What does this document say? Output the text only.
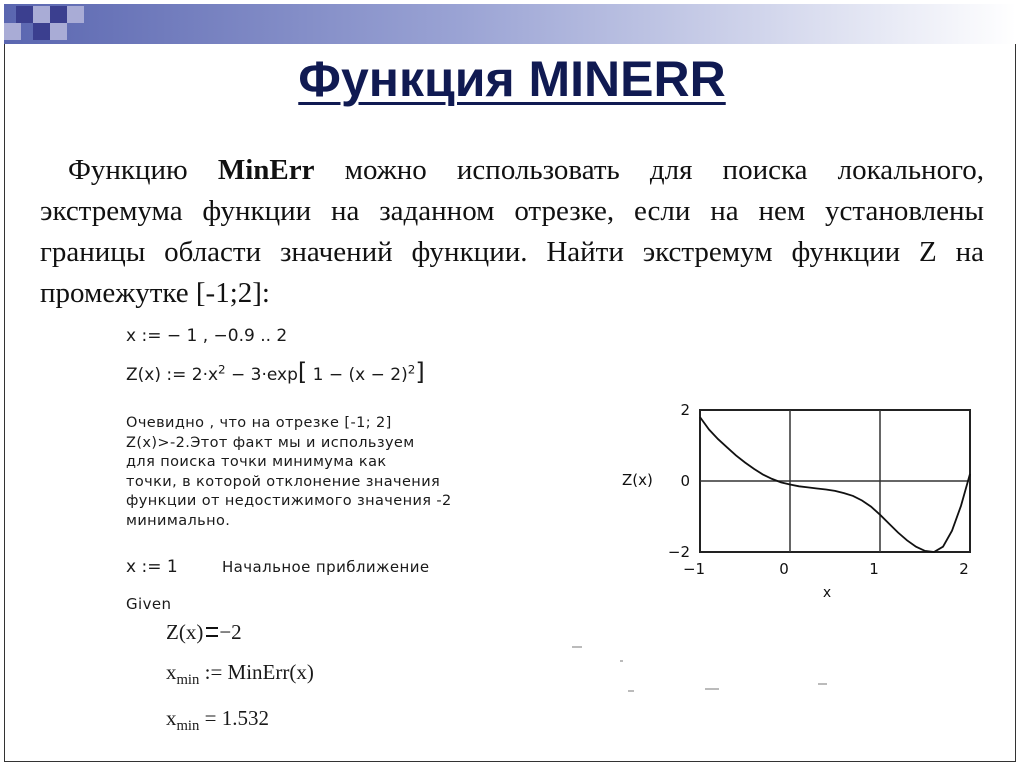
Функция MINERR
Функцию MinErr можно использовать для поиска локального, экстремума функции на заданном отрезке, если на нем установлены границы области значений функции. Найти экстремум функции Z на промежутке [-1;2]:
x := − 1 , −0.9 .. 2
Z(x) := $2\cdot x^2 - 3\cdot\exp$[ $1 - (x - 2)^2$]
Очевидно , что на отрезке [-1; 2]
Z(x)>-2.Этот факт мы и используем
для поиска точки минимума как
точки, в которой отклонение значения
функции от недостижимого значения -2
минимально.
x := 1	Начальное приближение
Given
Z(x) −2
$x_{min}$ := MinErr(x)
$x_{min} = 1.532$
−1	0	1	2
2
0
−2
x
Z(x)
